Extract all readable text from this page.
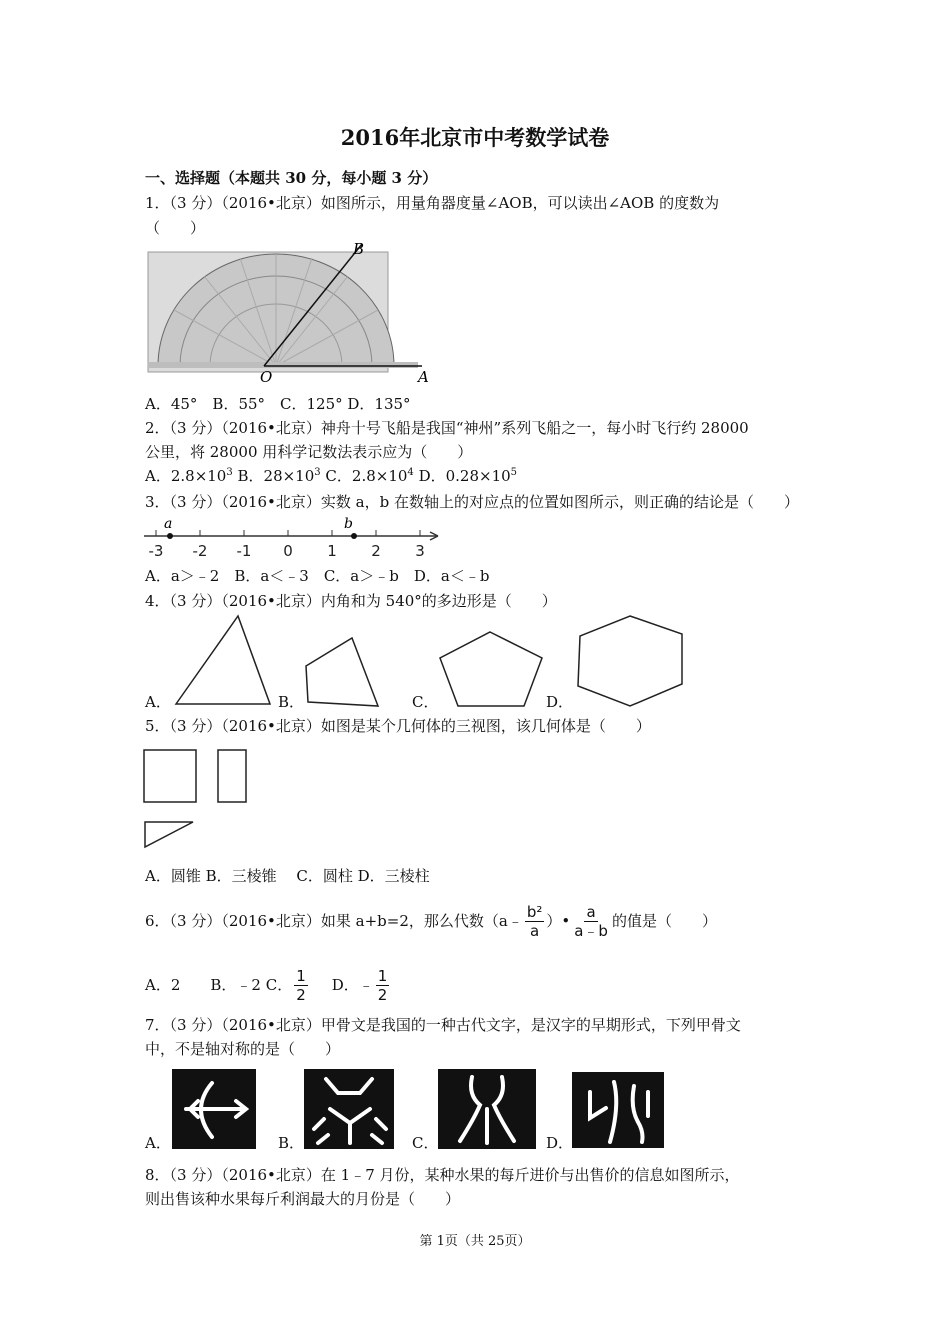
2016年北京市中考数学试卷
一、选择题（本题共 30 分，每小题 3 分）
1．（3 分）（2016•北京）如图所示，用量角器度量∠AOB，可以读出∠AOB 的度数为
（　　）
B
O	A
A．45°　B．55°　C．125° D．135°
2．（3 分）（2016•北京）神舟十号飞船是我国“神州”系列飞船之一，每小时飞行约 28000
公里，将 28000 用科学记数法表示应为（　　）
A．$2.8\times 10^3$ B．$28\times 10^3$ C．$2.8\times 10^4$ D．$0.28\times 10^5$
3．（3 分）（2016•北京）实数 a，b 在数轴上的对应点的位置如图所示，则正确的结论是（　　）
-3 -2 -1 0 1 2 3
a	b
A．a＞﹣2　B．a＜﹣3　C．a＞﹣b　D．a＜﹣b
4．（3 分）（2016•北京）内角和为 540°的多边形是（　　）
A．	B．	C．	D．
5．（3 分）（2016•北京）如图是某个几何体的三视图，该几何体是（　　）
A．圆锥 B．三棱锥　 C．圆柱 D．三棱柱
6．（3 分）（2016•北京）如果 a+b=2，那么代数（a﹣ $\frac{\text{b²}}{a}$ ）• $\frac{a}{a﹣b}$ 的值是（　　）
A．2　　B．﹣2 C． $\frac{1}{2}$ D．﹣ $\frac{1}{2}$
7．（3 分）（2016•北京）甲骨文是我国的一种古代文字，是汉字的早期形式，下列甲骨文
中，不是轴对称的是（　　）
A．	B．	C．	D．
8．（3 分）（2016•北京）在 1﹣7 月份，某种水果的每斤进价与出售价的信息如图所示，
则出售该种水果每斤利润最大的月份是（　　）
第 1页（共 25页）
